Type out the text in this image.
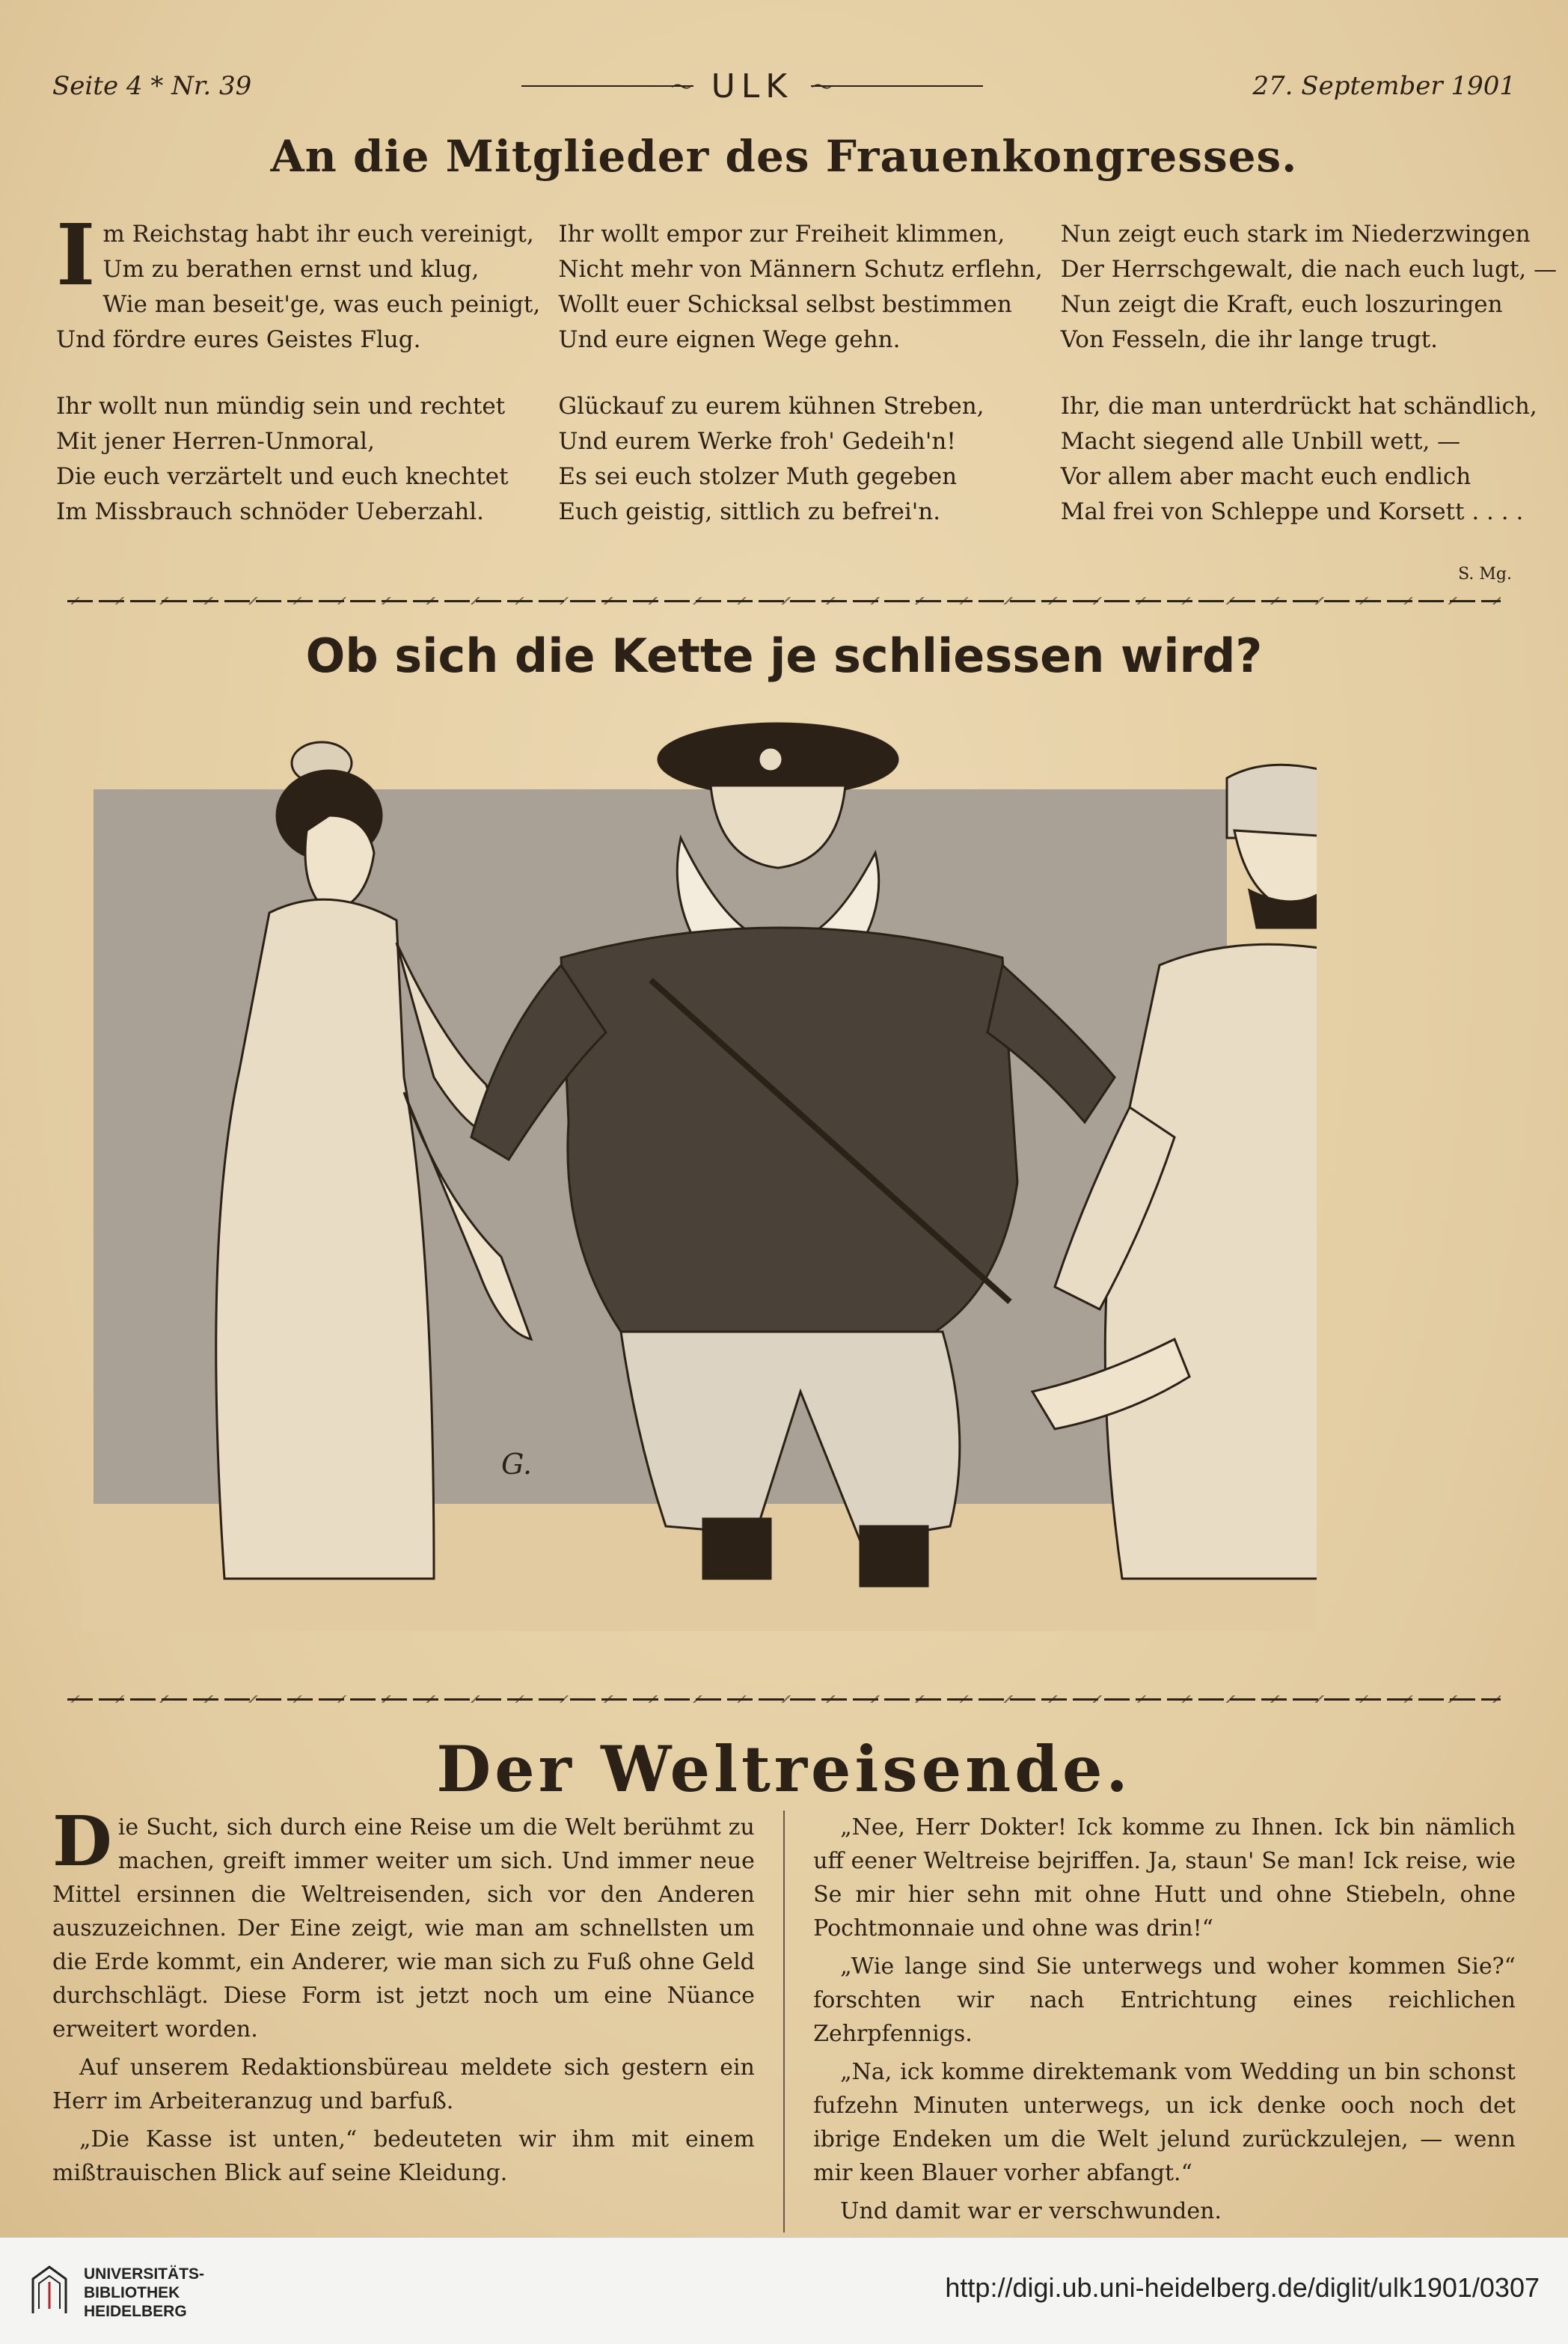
Seite 4 * Nr. 39 〜	ULK 〜	27. September 1901
An die Mitglieder des Frauenkongresses.
I m Reichstag habt ihr euch vereinigt,
Um zu berathen ernst und klug,
Wie man beseit'ge, was euch peinigt,
Und fördre eures Geistes Flug.
Ihr wollt nun mündig sein und rechtet
Mit jener Herren-Unmoral,
Die euch verzärtelt und euch knechtet
Im Missbrauch schnöder Ueberzahl.
Ihr wollt empor zur Freiheit klimmen,
Nicht mehr von Männern Schutz erflehn,
Wollt euer Schicksal selbst bestimmen
Und eure eignen Wege gehn.
Glückauf zu eurem kühnen Streben,
Und eurem Werke froh' Gedeih'n!
Es sei euch stolzer Muth gegeben
Euch geistig, sittlich zu befrei'n.
Nun zeigt euch stark im Niederzwingen
Der Herrschgewalt, die nach euch lugt, —
Nun zeigt die Kraft, euch loszuringen
Von Fesseln, die ihr lange trugt.
Ihr, die man unterdrückt hat schändlich,
Macht siegend alle Unbill wett, —
Vor allem aber macht euch endlich
Mal frei von Schleppe und Korsett . . . .
S. Mg.
Ob sich die Kette je schliessen wird?
G.
Der Weltreisende.

Die Sucht, sich durch eine Reise um die Welt berühmt zu machen, greift immer weiter um sich. Und immer neue Mittel ersinnen die Weltreisenden, sich vor den Anderen auszuzeichnen. Der Eine zeigt, wie man am schnellsten um die Erde kommt, ein Anderer, wie man sich zu Fuß ohne Geld durchschlägt. Diese Form ist jetzt noch um eine Nüance erweitert worden.

Auf unserem Redaktionsbüreau meldete sich gestern ein Herr im Arbeiteranzug und barfuß.

„Die Kasse ist unten,“ bedeuteten wir ihm mit einem mißtrauischen Blick auf seine Kleidung.

„Nee, Herr Dokter! Ick komme zu Ihnen. Ick bin nämlich uff eener Weltreise bejriffen. Ja, staun' Se man! Ick reise, wie Se mir hier sehn mit ohne Hutt und ohne Stiebeln, ohne Pochtmonnaie und ohne was drin!“

„Wie lange sind Sie unterwegs und woher kommen Sie?“ forschten wir nach Entrichtung eines reichlichen Zehrpfennigs.

„Na, ick komme direktemank vom Wedding un bin schonst fufzehn Minuten unterwegs, un ick denke ooch noch det ibrige Endeken um die Welt jelund zurückzulejen, — wenn mir keen Blauer vorher abfangt.“

Und damit war er verschwunden.

UNIVERSITÄTS-
BIBLIOTHEK
HEIDELBERG
http://digi.ub.uni-heidelberg.de/diglit/ulk1901/0307
